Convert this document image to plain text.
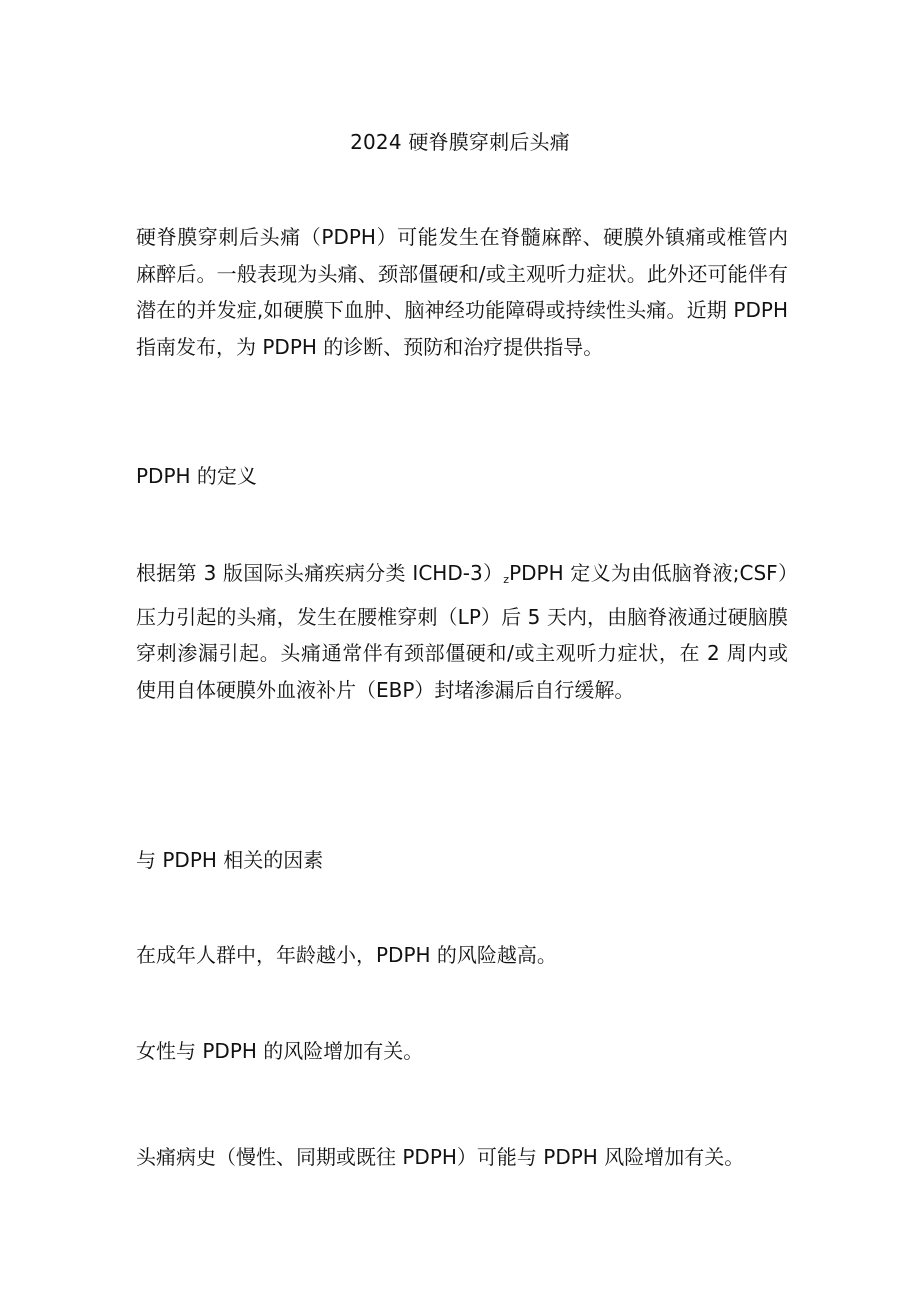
2024 硬脊膜穿刺后头痛

硬脊膜穿刺后头痛（PDPH）可能发生在脊髓麻醉、硬膜外镇痛或椎管内麻醉后。一般表现为头痛、颈部僵硬和/或主观听力症状。此外还可能伴有潜在的并发症,如硬膜下血肿、脑神经功能障碍或持续性头痛。近期 PDPH 指南发布，为 PDPH 的诊断、预防和治疗提供指导。

PDPH 的定义

根据第 3 版国际头痛疾病分类 ICHD-$3)_zPDPH$ 定义为由低脑脊液;CSF）压力引起的头痛，发生在腰椎穿刺（LP）后 5 天内，由脑脊液通过硬脑膜穿刺渗漏引起。头痛通常伴有颈部僵硬和/或主观听力症状，在 2 周内或使用自体硬膜外血液补片（EBP）封堵渗漏后自行缓解。

与 PDPH 相关的因素

在成年人群中，年龄越小，PDPH 的风险越高。

女性与 PDPH 的风险增加有关。

头痛病史（慢性、同期或既往 PDPH）可能与 PDPH 风险增加有关。
